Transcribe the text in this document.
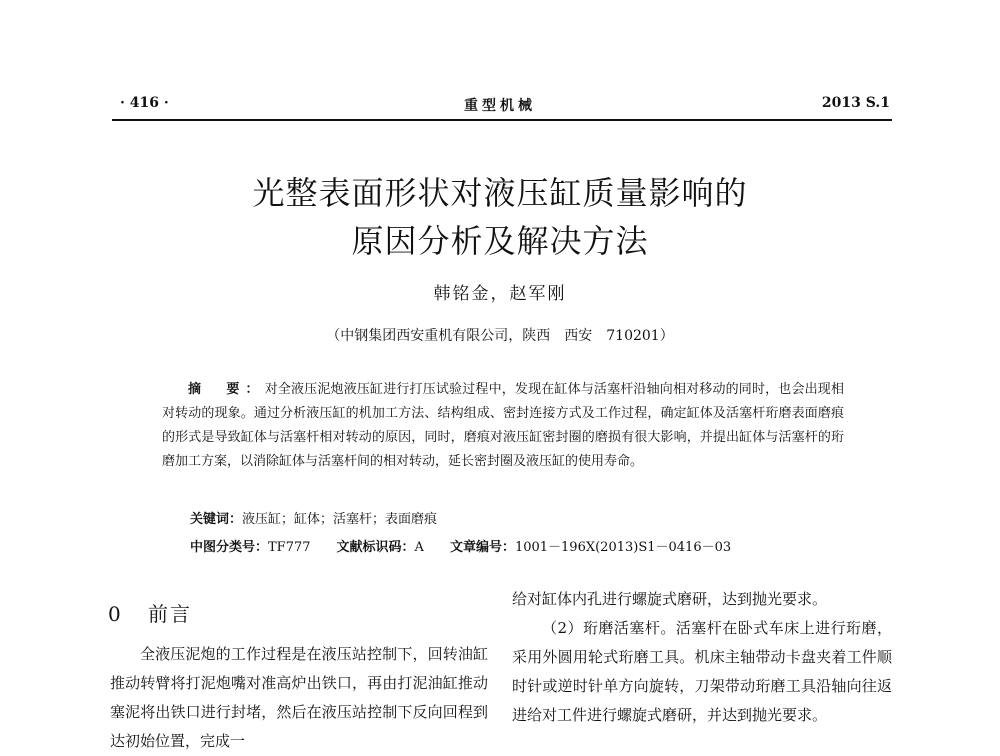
· 416 ·	重型机械	2013 S.1
光整表面形状对液压缸质量影响的
原因分析及解决方法
韩铭金，赵军刚
（中钢集团西安重机有限公司，陕西　西安　710201）
摘　要：对全液压泥炮液压缸进行打压试验过程中，发现在缸体与活塞杆沿轴向相对移动的同时，也会出现相对转动的现象。通过分析液压缸的机加工方法、结构组成、密封连接方式及工作过程，确定缸体及活塞杆珩磨表面磨痕的形式是导致缸体与活塞杆相对转动的原因，同时，磨痕对液压缸密封圈的磨损有很大影响，并提出缸体与活塞杆的珩磨加工方案，以消除缸体与活塞杆间的相对转动，延长密封圈及液压缸的使用寿命。
关键词：液压缸；缸体；活塞杆；表面磨痕
中图分类号：TF777 文献标识码：A 文章编号：1001－196X(2013)S1－0416－03
0 前言
全液压泥炮的工作过程是在液压站控制下，回转油缸推动转臂将打泥炮嘴对准高炉出铁口，再由打泥油缸推动塞泥将出铁口进行封堵，然后在液压站控制下反向回程到达初始位置，完成一
给对缸体内孔进行螺旋式磨研，达到抛光要求。
（2）珩磨活塞杆。活塞杆在卧式车床上进行珩磨，采用外圆用轮式珩磨工具。机床主轴带动卡盘夹着工件顺时针或逆时针单方向旋转，刀架带动珩磨工具沿轴向往返进给对工件进行螺旋式磨研，并达到抛光要求。
